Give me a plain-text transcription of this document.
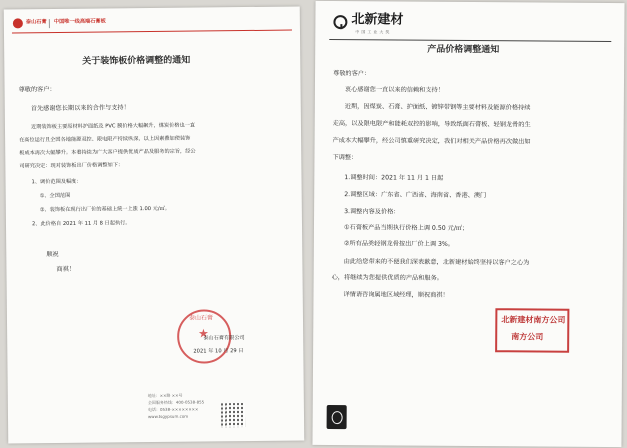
泰山石膏 中国唯一线高端石膏板
关于装饰板价格调整的通知
尊敬的客户：
首先感谢您长期以来的合作与支持！
近期装饰板主要原材料护面纸及 PVC 膜价格大幅飙升，煤炭价格也一直
在高位运行且全国各地能源双控、限电限产持续纵深，以上因素叠加使装饰
板成本再次大幅攀升。本着持续为广大客户提供优质产品及服务的宗旨，经公
司研究决定：现对装饰板出厂价格调整如下：
1、调价范围及幅度：
①、全国范围
②、装饰板在现行出厂价的基础上统一上涨 1.00 元/㎡。
2、此价格自 2021 年 11 月 8 日起执行。
顺祝
商祺！
★
泰山石膏
泰山石膏有限公司
2021 年 10 月 29 日
地址：××路 ××号
全国服务热线：400-0538-855
电话：0538-××××××××
www.tsgypsum.com
北新建材
中国工业大奖
产品价格调整通知
尊敬的客户：
衷心感谢您一直以来的信赖和支持！
近期，因煤炭、石膏、护面纸、镀锌带钢等主要材料及能源价格持续
走高，以及限电限产和能耗双控的影响，导致纸面石膏板、轻钢龙骨的生
产成本大幅攀升，经公司慎重研究决定，我们对相关产品价格再次做出如
下调整：
1.调整时间：2021 年 11 月 1 日起
2.调整区域：广东省、广西省、海南省、香港、澳门
3.调整内容及价格：
①石膏板产品当期执行价格上调 0.50 元/㎡；
②所有品类轻钢龙骨按出厂价上调 3%。
由此给您带来的不便我们深表歉意，北新建材始终坚持以客户之心为
心，将继续为您提供优质的产品和服务。
详情请咨询属地区域经理，顺祝商祺！
北新建材南方公司
南方公司
